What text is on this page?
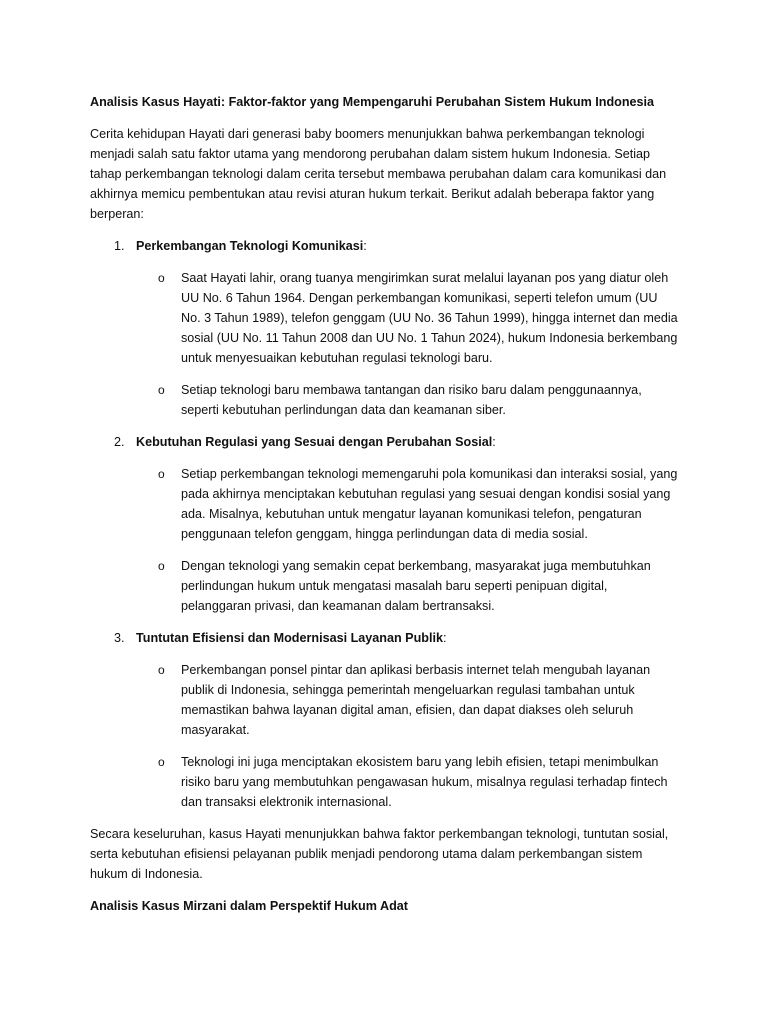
Analisis Kasus Hayati: Faktor-faktor yang Mempengaruhi Perubahan Sistem Hukum Indonesia

Cerita kehidupan Hayati dari generasi baby boomers menunjukkan bahwa perkembangan teknologi menjadi salah satu faktor utama yang mendorong perubahan dalam sistem hukum Indonesia. Setiap tahap perkembangan teknologi dalam cerita tersebut membawa perubahan dalam cara komunikasi dan akhirnya memicu pembentukan atau revisi aturan hukum terkait. Berikut adalah beberapa faktor yang berperan:

1. Perkembangan Teknologi Komunikasi:

o Saat Hayati lahir, orang tuanya mengirimkan surat melalui layanan pos yang diatur oleh UU No. 6 Tahun 1964. Dengan perkembangan komunikasi, seperti telefon umum (UU No. 3 Tahun 1989), telefon genggam (UU No. 36 Tahun 1999), hingga internet dan media sosial (UU No. 11 Tahun 2008 dan UU No. 1 Tahun 2024), hukum Indonesia berkembang untuk menyesuaikan kebutuhan regulasi teknologi baru.

o Setiap teknologi baru membawa tantangan dan risiko baru dalam penggunaannya, seperti kebutuhan perlindungan data dan keamanan siber.

2. Kebutuhan Regulasi yang Sesuai dengan Perubahan Sosial:

o Setiap perkembangan teknologi memengaruhi pola komunikasi dan interaksi sosial, yang pada akhirnya menciptakan kebutuhan regulasi yang sesuai dengan kondisi sosial yang ada. Misalnya, kebutuhan untuk mengatur layanan komunikasi telefon, pengaturan penggunaan telefon genggam, hingga perlindungan data di media sosial.

o Dengan teknologi yang semakin cepat berkembang, masyarakat juga membutuhkan perlindungan hukum untuk mengatasi masalah baru seperti penipuan digital, pelanggaran privasi, dan keamanan dalam bertransaksi.

3. Tuntutan Efisiensi dan Modernisasi Layanan Publik:

o Perkembangan ponsel pintar dan aplikasi berbasis internet telah mengubah layanan publik di Indonesia, sehingga pemerintah mengeluarkan regulasi tambahan untuk memastikan bahwa layanan digital aman, efisien, dan dapat diakses oleh seluruh masyarakat.

o Teknologi ini juga menciptakan ekosistem baru yang lebih efisien, tetapi menimbulkan risiko baru yang membutuhkan pengawasan hukum, misalnya regulasi terhadap fintech dan transaksi elektronik internasional.

Secara keseluruhan, kasus Hayati menunjukkan bahwa faktor perkembangan teknologi, tuntutan sosial, serta kebutuhan efisiensi pelayanan publik menjadi pendorong utama dalam perkembangan sistem hukum di Indonesia.

Analisis Kasus Mirzani dalam Perspektif Hukum Adat
